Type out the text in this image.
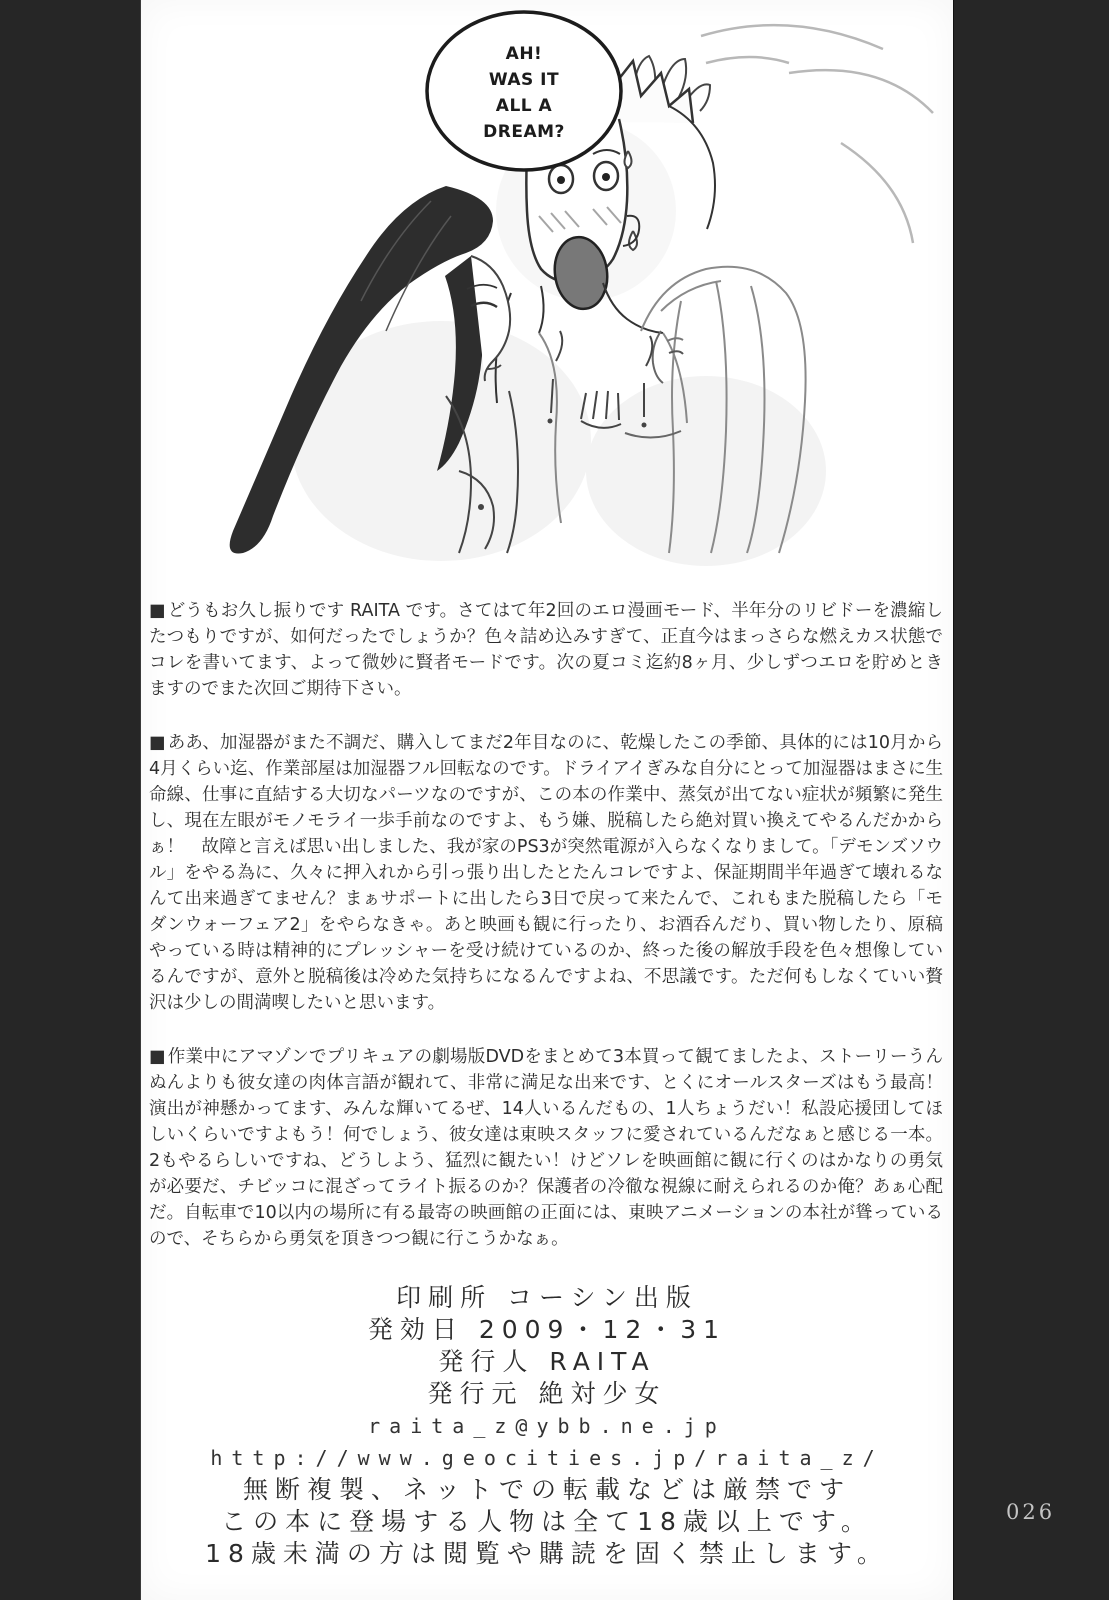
AH!
WAS IT
ALL A
DREAM?

■ どうもお久し振りです RAITA です。さてはて年2回のエロ漫画モード、半年分のリビドーを濃縮したつもりですが、如何だったでしょうか？色々詰め込みすぎて、正直今はまっさらな燃えカス状態でコレを書いてます、よって微妙に賢者モードです。次の夏コミ迄約8ヶ月、少しずつエロを貯めときますのでまた次回ご期待下さい。

■ ああ、加湿器がまた不調だ、購入してまだ2年目なのに、乾燥したこの季節、具体的には10月から4月くらい迄、作業部屋は加湿器フル回転なのです。ドライアイぎみな自分にとって加湿器はまさに生命線、仕事に直結する大切なパーツなのですが、この本の作業中、蒸気が出てない症状が頻繁に発生し、現在左眼がモノモライ一歩手前なのですよ、もう嫌、脱稿したら絶対買い換えてやるんだかからぁ！　故障と言えば思い出しました、我が家のPS3が突然電源が入らなくなりまして。「デモンズソウル」をやる為に、久々に押入れから引っ張り出したとたんコレですよ、保証期間半年過ぎて壊れるなんて出来過ぎてません？まぁサポートに出したら3日で戻って来たんで、これもまた脱稿したら「モダンウォーフェア2」をやらなきゃ。あと映画も観に行ったり、お酒呑んだり、買い物したり、原稿やっている時は精神的にプレッシャーを受け続けているのか、終った後の解放手段を色々想像しているんですが、意外と脱稿後は冷めた気持ちになるんですよね、不思議です。ただ何もしなくていい贅沢は少しの間満喫したいと思います。

■ 作業中にアマゾンでプリキュアの劇場版DVDをまとめて3本買って観てましたよ、ストーリーうんぬんよりも彼女達の肉体言語が観れて、非常に満足な出来です、とくにオールスターズはもう最高！演出が神懸かってます、みんな輝いてるぜ、14人いるんだもの、1人ちょうだい！私設応援団してほしいくらいですよもう！何でしょう、彼女達は東映スタッフに愛されているんだなぁと感じる一本。2もやるらしいですね、どうしよう、猛烈に観たい！けどソレを映画館に観に行くのはかなりの勇気が必要だ、チビッコに混ざってライト振るのか？保護者の冷徹な視線に耐えられるのか俺？あぁ心配だ。自転車で10以内の場所に有る最寄の映画館の正面には、東映アニメーションの本社が聳っているので、そちらから勇気を頂きつつ観に行こうかなぁ。

印刷所 コーシン出版
発効日 2009・12・31
発行人 RAITA
発行元 絶対少女
raita_z@ybb.ne.jp
http://www.geocities.jp/raita_z/
無断複製、ネットでの転載などは厳禁です
この本に登場する人物は全て18歳以上です。
18歳未満の方は閲覧や購読を固く禁止します。
026
